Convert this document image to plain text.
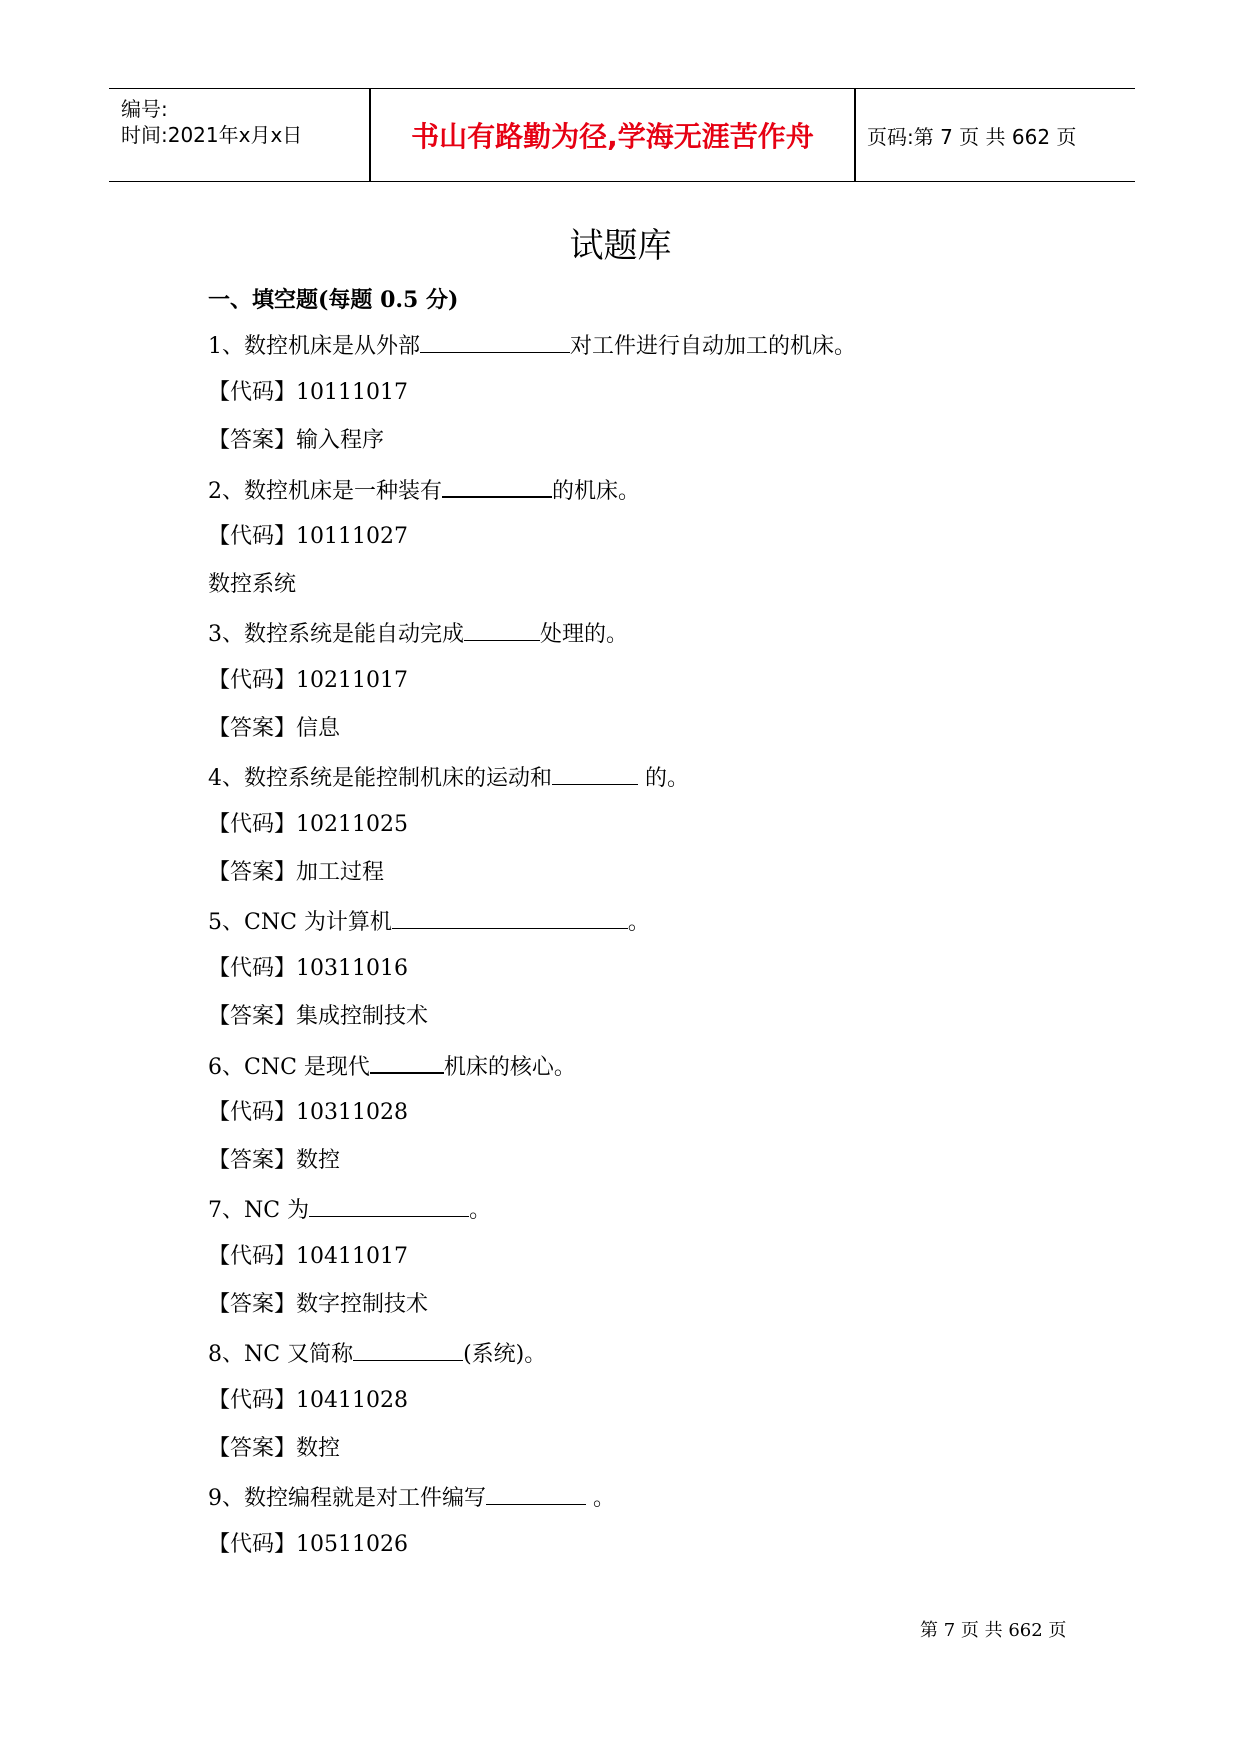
编号:
时间:2021年x月x日	书山有路勤为径,学海无涯苦作舟	页码:第 7 页 共 662 页
试题库
一、填空题(每题 0.5 分)
1、数控机床是从外部	对工件进行自动加工的机床。
【代码】10111017
【答案】输入程序
2、数控机床是一种装有	的机床。
【代码】10111027
数控系统
3、数控系统是能自动完成	处理的。
【代码】10211017
【答案】信息
4、数控系统是能控制机床的运动和	的。
【代码】10211025
【答案】加工过程
5、CNC 为计算机	。
【代码】10311016
【答案】集成控制技术
6、CNC 是现代	机床的核心。
【代码】10311028
【答案】数控
7、NC 为	。
【代码】10411017
【答案】数字控制技术
8、NC 又简称	(系统)。
【代码】10411028
【答案】数控
9、数控编程就是对工件编写	。
【代码】10511026
第 7 页 共 662 页
